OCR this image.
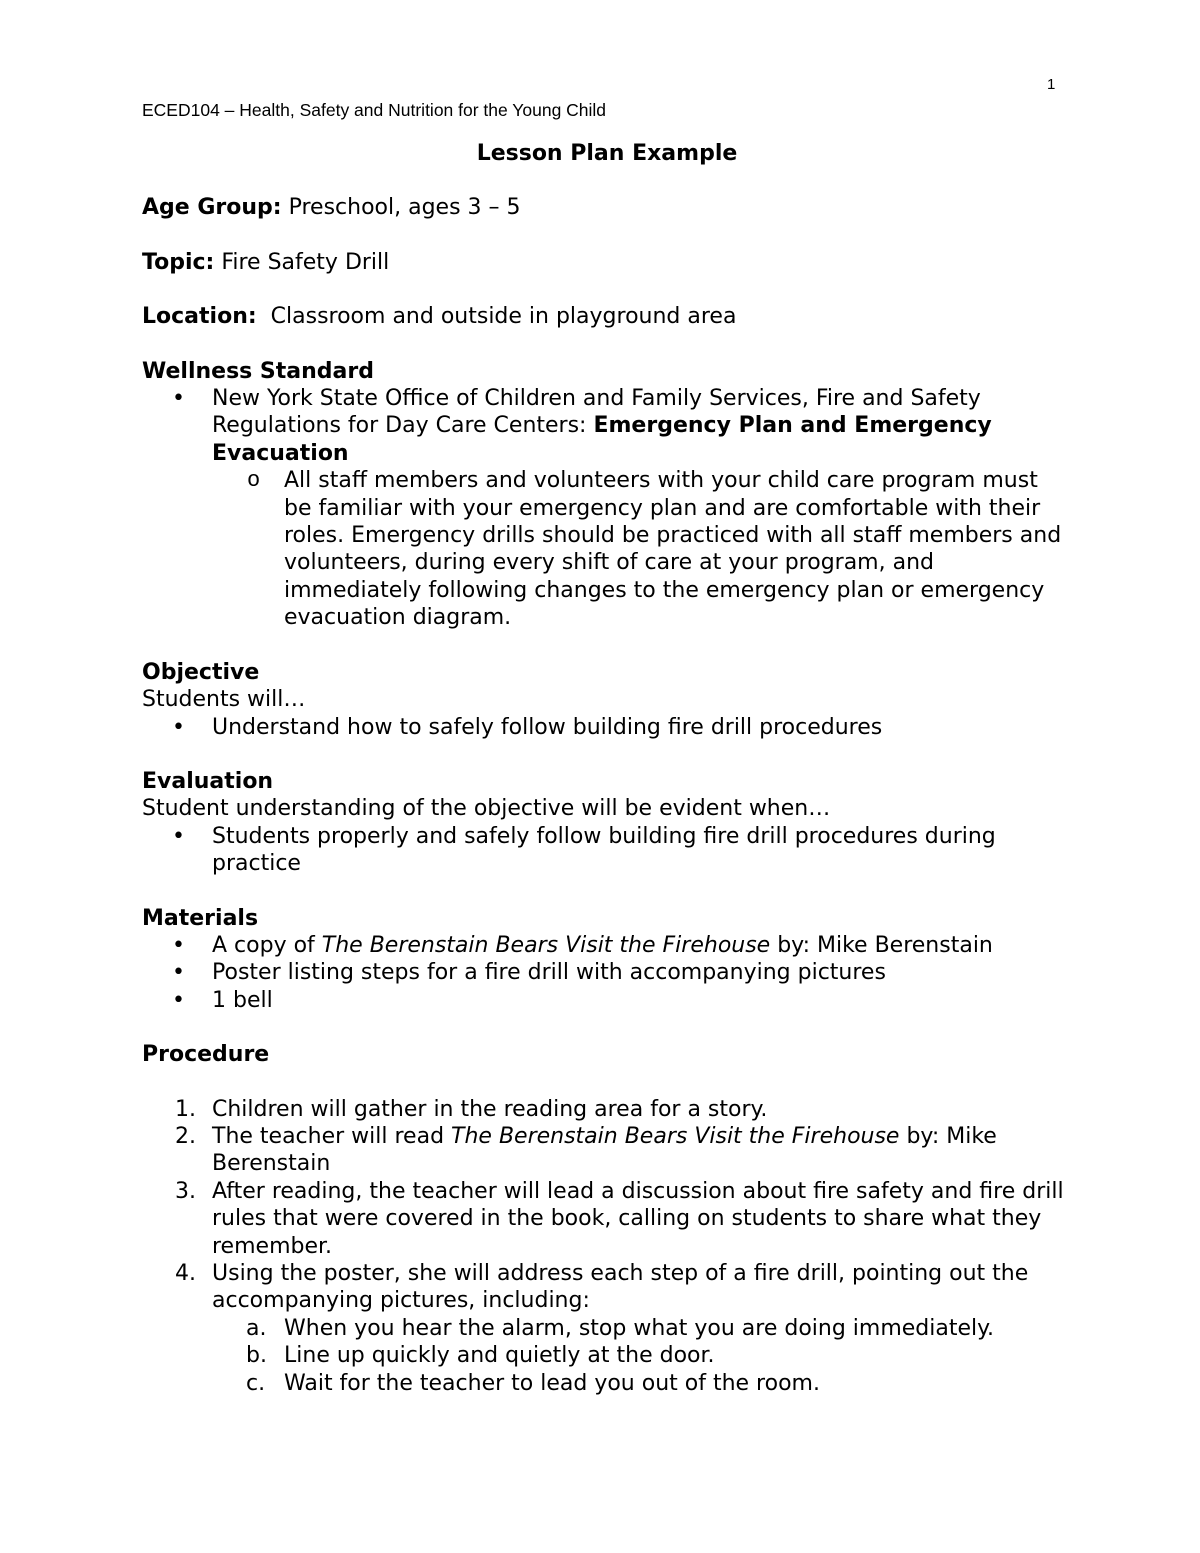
1
ECED104 – Health, Safety and Nutrition for the Young Child

Lesson Plan Example

Age Group: Preschool, ages 3 – 5

Topic: Fire Safety Drill

Location: Classroom and outside in playground area

Wellness Standard

• New York State Office of Children and Family Services, Fire and Safety Regulations for Day Care Centers: Emergency Plan and Emergency Evacuation
o All staff members and volunteers with your child care program must be familiar with your emergency plan and are comfortable with their roles. Emergency drills should be practiced with all staff members and volunteers, during every shift of care at your program, and immediately following changes to the emergency plan or emergency evacuation diagram.

Objective

Students will…

• Understand how to safely follow building fire drill procedures

Evaluation

Student understanding of the objective will be evident when…

• Students properly and safely follow building fire drill procedures during practice

Materials

• A copy of The Berenstain Bears Visit the Firehouse by: Mike Berenstain
• Poster listing steps for a fire drill with accompanying pictures
• 1 bell

Procedure

1. Children will gather in the reading area for a story.
2. The teacher will read The Berenstain Bears Visit the Firehouse by: Mike Berenstain
3. After reading, the teacher will lead a discussion about fire safety and fire drill rules that were covered in the book, calling on students to share what they remember.
4. Using the poster, she will address each step of a fire drill, pointing out the accompanying pictures, including:
a. When you hear the alarm, stop what you are doing immediately.
b. Line up quickly and quietly at the door.
c. Wait for the teacher to lead you out of the room.
